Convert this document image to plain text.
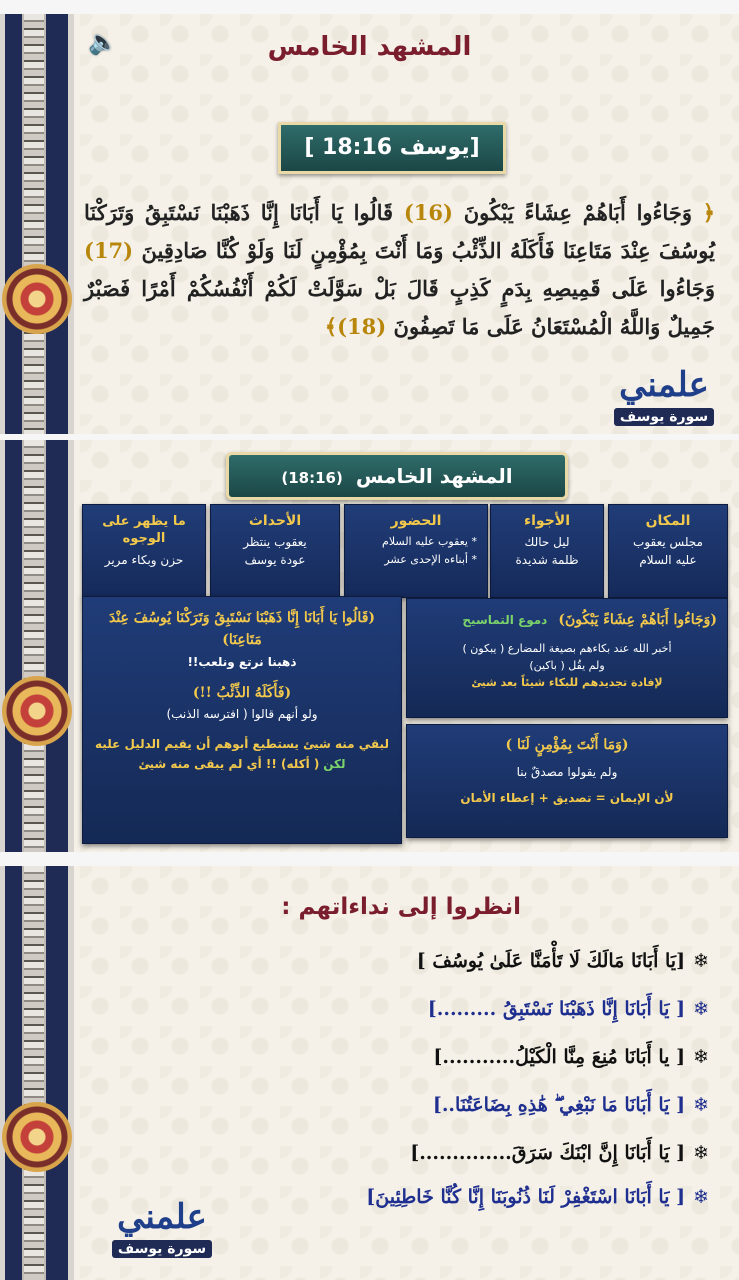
🔈	المشهد الخامس
[يوسف 18:16 ]
﴿ وَجَاءُوا أَبَاهُمْ عِشَاءً يَبْكُونَ (16) قَالُوا يَا أَبَانَا إِنَّا ذَهَبْنَا نَسْتَبِقُ وَتَرَكْنَا يُوسُفَ عِنْدَ مَتَاعِنَا فَأَكَلَهُ الذِّئْبُ وَمَا أَنْتَ بِمُؤْمِنٍ لَنَا وَلَوْ كُنَّا صَادِقِينَ (17) وَجَاءُوا عَلَى قَمِيصِهِ بِدَمٍ كَذِبٍ قَالَ بَلْ سَوَّلَتْ لَكُمْ أَنْفُسُكُمْ أَمْرًا فَصَبْرٌ جَمِيلٌ وَاللَّهُ الْمُسْتَعَانُ عَلَى مَا تَصِفُونَ (18)﴾
علمني
سورة يوسف
المشهد الخامس (18:16)
المكان
مجلس يعقوب
عليه السلام
الأجواء
ليل حالك
ظلمة شديدة
الحضور
* يعقوب عليه السلام
* أبناءه الإحدى عشر
الأحداث
يعقوب ينتظر
عودة يوسف
ما يظهر على الوجوه
حزن وبكاء مرير
(قَالُوا يَا أَبَانَا إِنَّا ذَهَبْنَا نَسْتَبِقُ وَتَرَكْنَا يُوسُفَ عِنْدَ مَتَاعِنَا)
ذهبنا نرتع ونلعب!!
(فَأَكَلَهُ الذِّئْبُ !!)
ولو أنهم قالوا ( افترسه الذنب)
لبقي منه شيئ يستطيع أبوهم أن يقيم الدليل عليه
لكن ( أكله) !! أي لم يبقى منه شيئ
(وَجَاءُوا أَبَاهُمْ عِشَاءً يَبْكُونَ) دموع التماسيح
أخبر الله عند بكاءهم بصيغة المضارع ( يبكون )
ولم يقُل ( باكين)
لإفادة تجديدهم للبكاء شيئاً بعد شيئ
(وَمَا أَنْتَ بِمُؤْمِنٍ لَنَا )
ولم يقولوا مصدقٌ بنا
لأن الإيمان = تصديق + إعطاء الأمان
انظروا إلى نداءاتهم :
❄[يَا أَبَانَا مَالَكَ لَا تَأْمَنَّا عَلَىٰ يُوسُفَ ]
❄[ يَا أَبَانَا إِنَّا ذَهَبْنَا نَسْتَبِقُ .........]
❄[ يا أَبَانَا مُنِعَ مِنَّا الْكَيْلُ...........]
❄[ يَا أَبَانَا مَا نَبْغِي ۖ هَٰذِهِ بِضَاعَتُنَا..]
❄[ يَا أَبَانَا إِنَّ ابْنَكَ سَرَقَ..............]
❄[ يَا أَبَانَا اسْتَغْفِرْ لَنَا ذُنُوبَنَا إِنَّا كُنَّا خَاطِئِينَ]
علمني
سورة يوسف
